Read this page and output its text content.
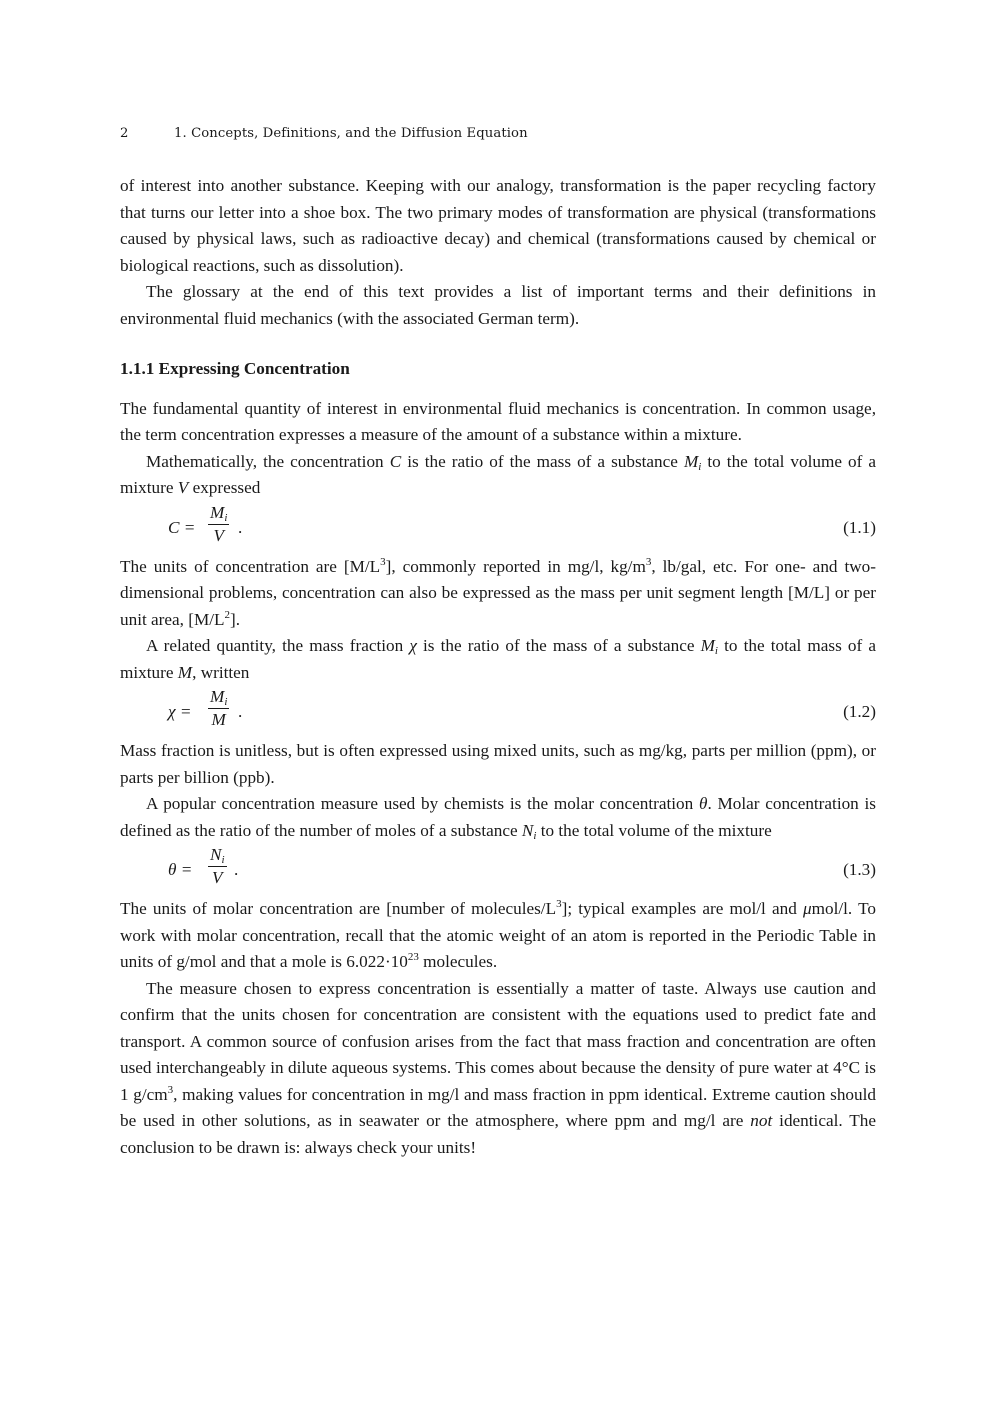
2	1. Concepts, Definitions, and the Diffusion Equation

of interest into another substance. Keeping with our analogy, transformation is the paper recycling factory that turns our letter into a shoe box. The two primary modes of transformation are physical (transformations caused by physical laws, such as radioactive decay) and chemical (transformations caused by chemical or biological reactions, such as dissolution).

The glossary at the end of this text provides a list of important terms and their definitions in environmental fluid mechanics (with the associated German term).

1.1.1 Expressing Concentration

The fundamental quantity of interest in environmental fluid mechanics is concentration. In common usage, the term concentration expresses a measure of the amount of a substance within a mixture.

Mathematically, the concentration C is the ratio of the mass of a substance $M_i$ to the total volume of a mixture V expressed

$C = \frac{M_i}{V}$ .	(1.1)

The units of concentration are $[M/L^3]$, commonly reported in mg/l, $kg/m^3$, lb/gal, etc. For one- and two-dimensional problems, concentration can also be expressed as the mass per unit segment length [M/L] or per unit area, $[M/L^2]$.

A related quantity, the mass fraction χ is the ratio of the mass of a substance $M_i$ to the total mass of a mixture M, written

$\chi = \frac{M_i}{M}$ .	(1.2)

Mass fraction is unitless, but is often expressed using mixed units, such as mg/kg, parts per million (ppm), or parts per billion (ppb).

A popular concentration measure used by chemists is the molar concentration θ. Molar concentration is defined as the ratio of the number of moles of a substance $N_i$ to the total volume of the mixture

$\theta = \frac{N_i}{V}$ .	(1.3)

The units of molar concentration are [number of molecules/$L^3$]; typical examples are mol/l and μmol/l. To work with molar concentration, recall that the atomic weight of an atom is reported in the Periodic Table in units of g/mol and that a mole is $6.022\cdot 10^{23}$ molecules.

The measure chosen to express concentration is essentially a matter of taste. Always use caution and confirm that the units chosen for concentration are consistent with the equations used to predict fate and transport. A common source of confusion arises from the fact that mass fraction and concentration are often used interchangeably in dilute aqueous systems. This comes about because the density of pure water at 4°C is 1 $g/cm^3$, making values for concentration in mg/l and mass fraction in ppm identical. Extreme caution should be used in other solutions, as in seawater or the atmosphere, where ppm and mg/l are not identical. The conclusion to be drawn is: always check your units!
